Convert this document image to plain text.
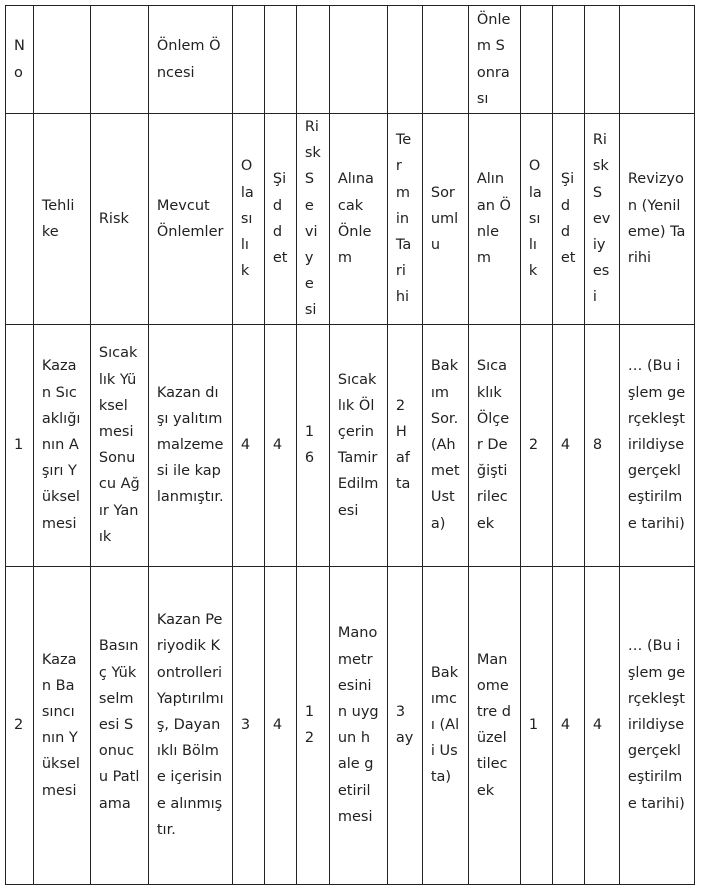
No			Önlem Öncesi							Önlem Sonrası				

	Tehlike	Risk	Mevcut Önlemler	Olasılık	Şiddet	Risk Seviyesi	Alınacak Önlem	Termin Tarihi	Sorumlu	Alınan Önlem	Olasılık	Şiddet	Risk Seviyesi	Revizyon (Yenileme) Tarihi

1	Kazan Sıcaklığının Aşırı Yükselmesi	Sıcaklık Yükselmesi Sonucu Ağır Yanık	Kazan dışı yalıtım malzemesi ile kaplanmıştır.	4	4	16	Sıcaklık Ölçerin Tamir Edilmesi	2 Hafta	Bakım Sor. (Ahmet Usta)	Sıcaklık Ölçer Değiştirilecek	2	4	8	… (Bu işlem gerçekleştirildiyse gerçekleştirilme tarihi)

2	Kazan Basıncının Yükselmesi	Basınç Yükselmesi Sonucu Patlama	Kazan Periyodik Kontrolleri Yaptırılmış, Dayanıklı Bölme içerisine alınmıştır.	3	4	12	Manometresinin uygun hale getirilmesi	3 ay	Bakımcı (Ali Usta)	Manometre düzeltilecek	1	4	4	… (Bu işlem gerçekleştirildiyse gerçekleştirilme tarihi)
